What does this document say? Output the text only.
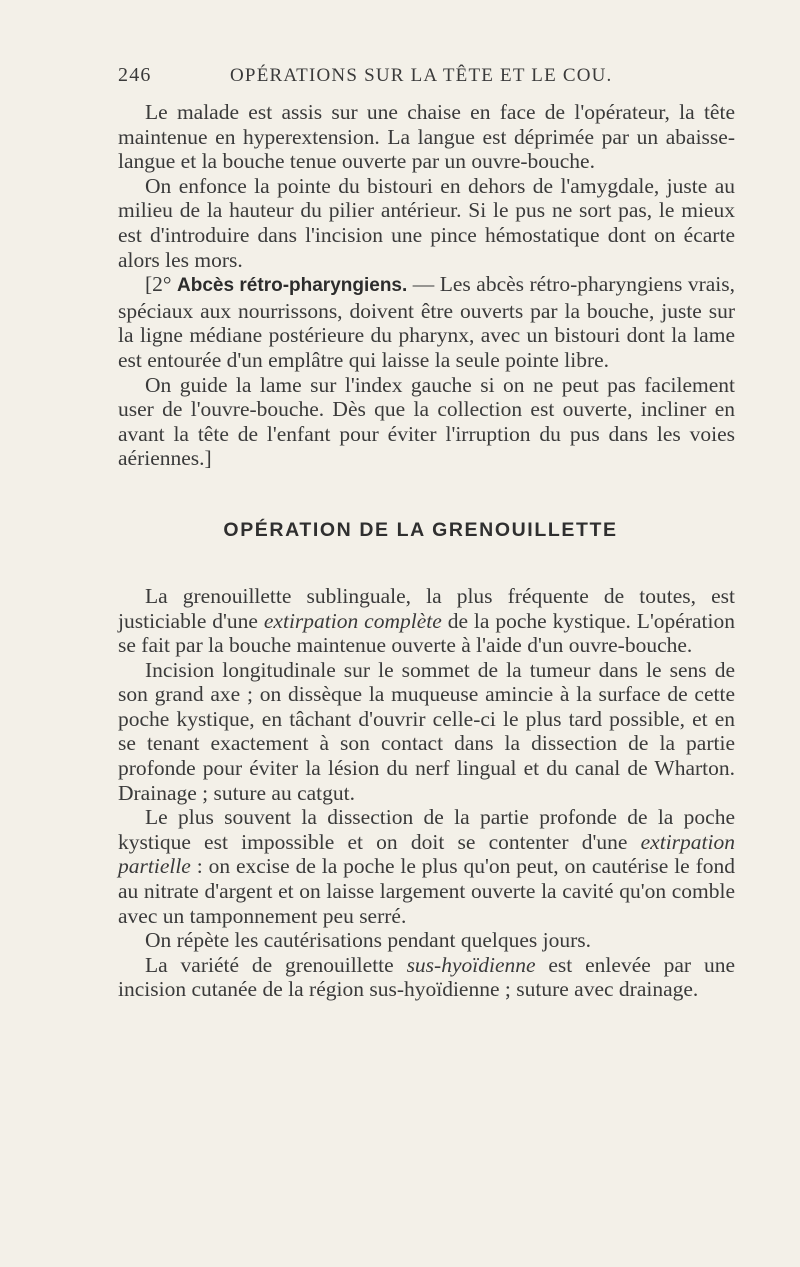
246	OPÉRATIONS SUR LA TÊTE ET LE COU.

Le malade est assis sur une chaise en face de l'opérateur, la tête maintenue en hyperextension. La langue est déprimée par un abaisse-langue et la bouche tenue ouverte par un ouvre-bouche.

On enfonce la pointe du bistouri en dehors de l'amygdale, juste au milieu de la hauteur du pilier antérieur. Si le pus ne sort pas, le mieux est d'introduire dans l'incision une pince hémostatique dont on écarte alors les mors.

[2° Abcès rétro-pharyngiens. — Les abcès rétro-pharyngiens vrais, spéciaux aux nourrissons, doivent être ouverts par la bouche, juste sur la ligne médiane postérieure du pharynx, avec un bistouri dont la lame est entourée d'un emplâtre qui laisse la seule pointe libre.

On guide la lame sur l'index gauche si on ne peut pas facilement user de l'ouvre-bouche. Dès que la collection est ouverte, incliner en avant la tête de l'enfant pour éviter l'irruption du pus dans les voies aériennes.]

OPÉRATION DE LA GRENOUILLETTE

La grenouillette sublinguale, la plus fréquente de toutes, est justiciable d'une extirpation complète de la poche kystique. L'opération se fait par la bouche maintenue ouverte à l'aide d'un ouvre-bouche.

Incision longitudinale sur le sommet de la tumeur dans le sens de son grand axe ; on dissèque la muqueuse amincie à la surface de cette poche kystique, en tâchant d'ouvrir celle-ci le plus tard possible, et en se tenant exactement à son contact dans la dissection de la partie profonde pour éviter la lésion du nerf lingual et du canal de Wharton. Drainage ; suture au catgut.

Le plus souvent la dissection de la partie profonde de la poche kystique est impossible et on doit se contenter d'une extirpation partielle : on excise de la poche le plus qu'on peut, on cautérise le fond au nitrate d'argent et on laisse largement ouverte la cavité qu'on comble avec un tamponnement peu serré.

On répète les cautérisations pendant quelques jours.

La variété de grenouillette sus-hyoïdienne est enlevée par une incision cutanée de la région sus-hyoïdienne ; suture avec drainage.
